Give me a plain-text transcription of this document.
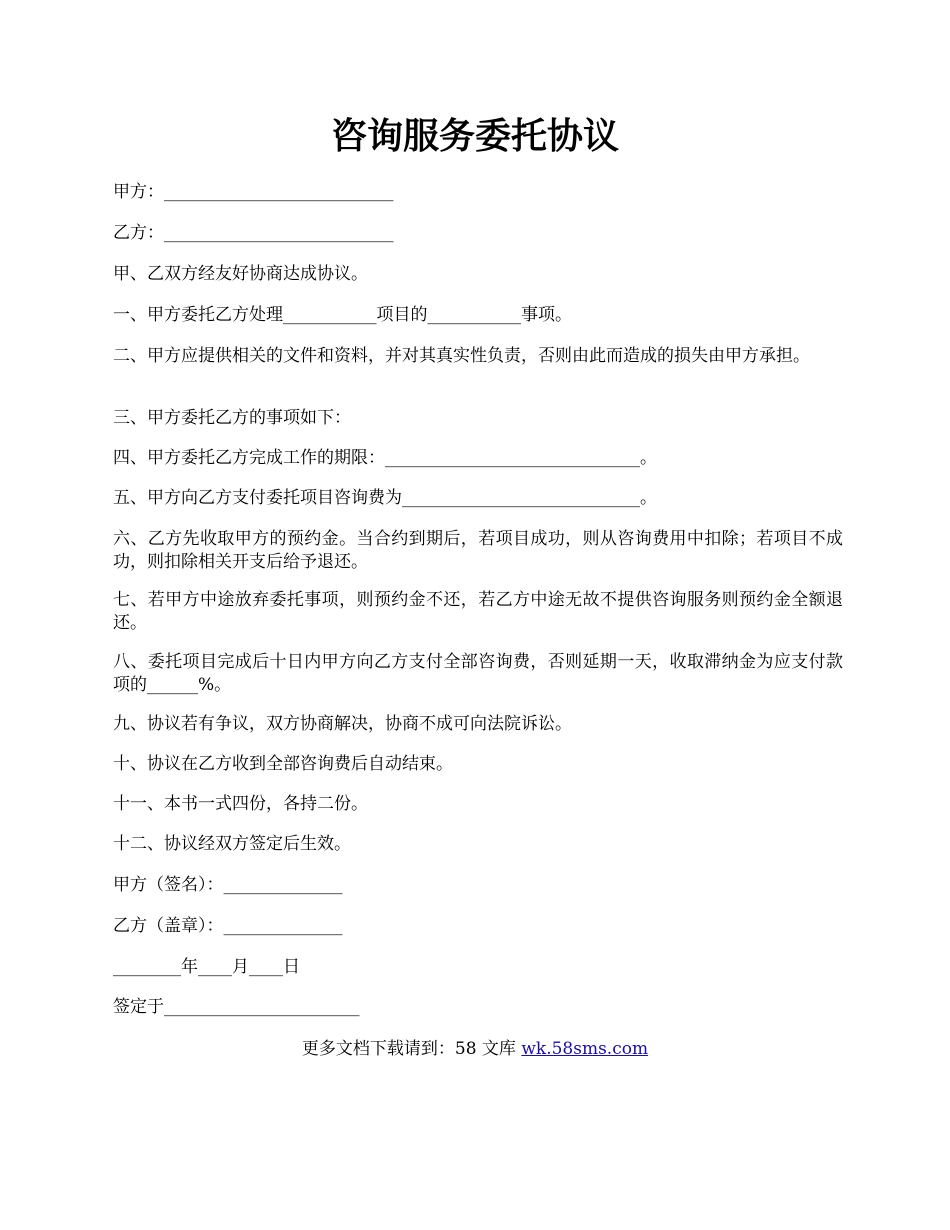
咨询服务委托协议
甲方：___________________________
乙方：___________________________
甲、乙双方经友好协商达成协议。
一、甲方委托乙方处理___________项目的___________事项。
二、甲方应提供相关的文件和资料，并对其真实性负责，否则由此而造成的损失由甲方承担。
三、甲方委托乙方的事项如下：
四、甲方委托乙方完成工作的期限：______________________________。
五、甲方向乙方支付委托项目咨询费为____________________________。
六、乙方先收取甲方的预约金。当合约到期后，若项目成功，则从咨询费用中扣除；若项目不成功，则扣除相关开支后给予退还。
七、若甲方中途放弃委托事项，则预约金不还，若乙方中途无故不提供咨询服务则预约金全额退还。
八、委托项目完成后十日内甲方向乙方支付全部咨询费，否则延期一天，收取滞纳金为应支付款项的______%。
九、协议若有争议，双方协商解决，协商不成可向法院诉讼。
十、协议在乙方收到全部咨询费后自动结束。
十一、本书一式四份，各持二份。
十二、协议经双方签定后生效。
甲方（签名）：______________
乙方（盖章）：______________
________年____月____日
签定于_______________________
更多文档下载请到：58 文库 wk.58sms.com
